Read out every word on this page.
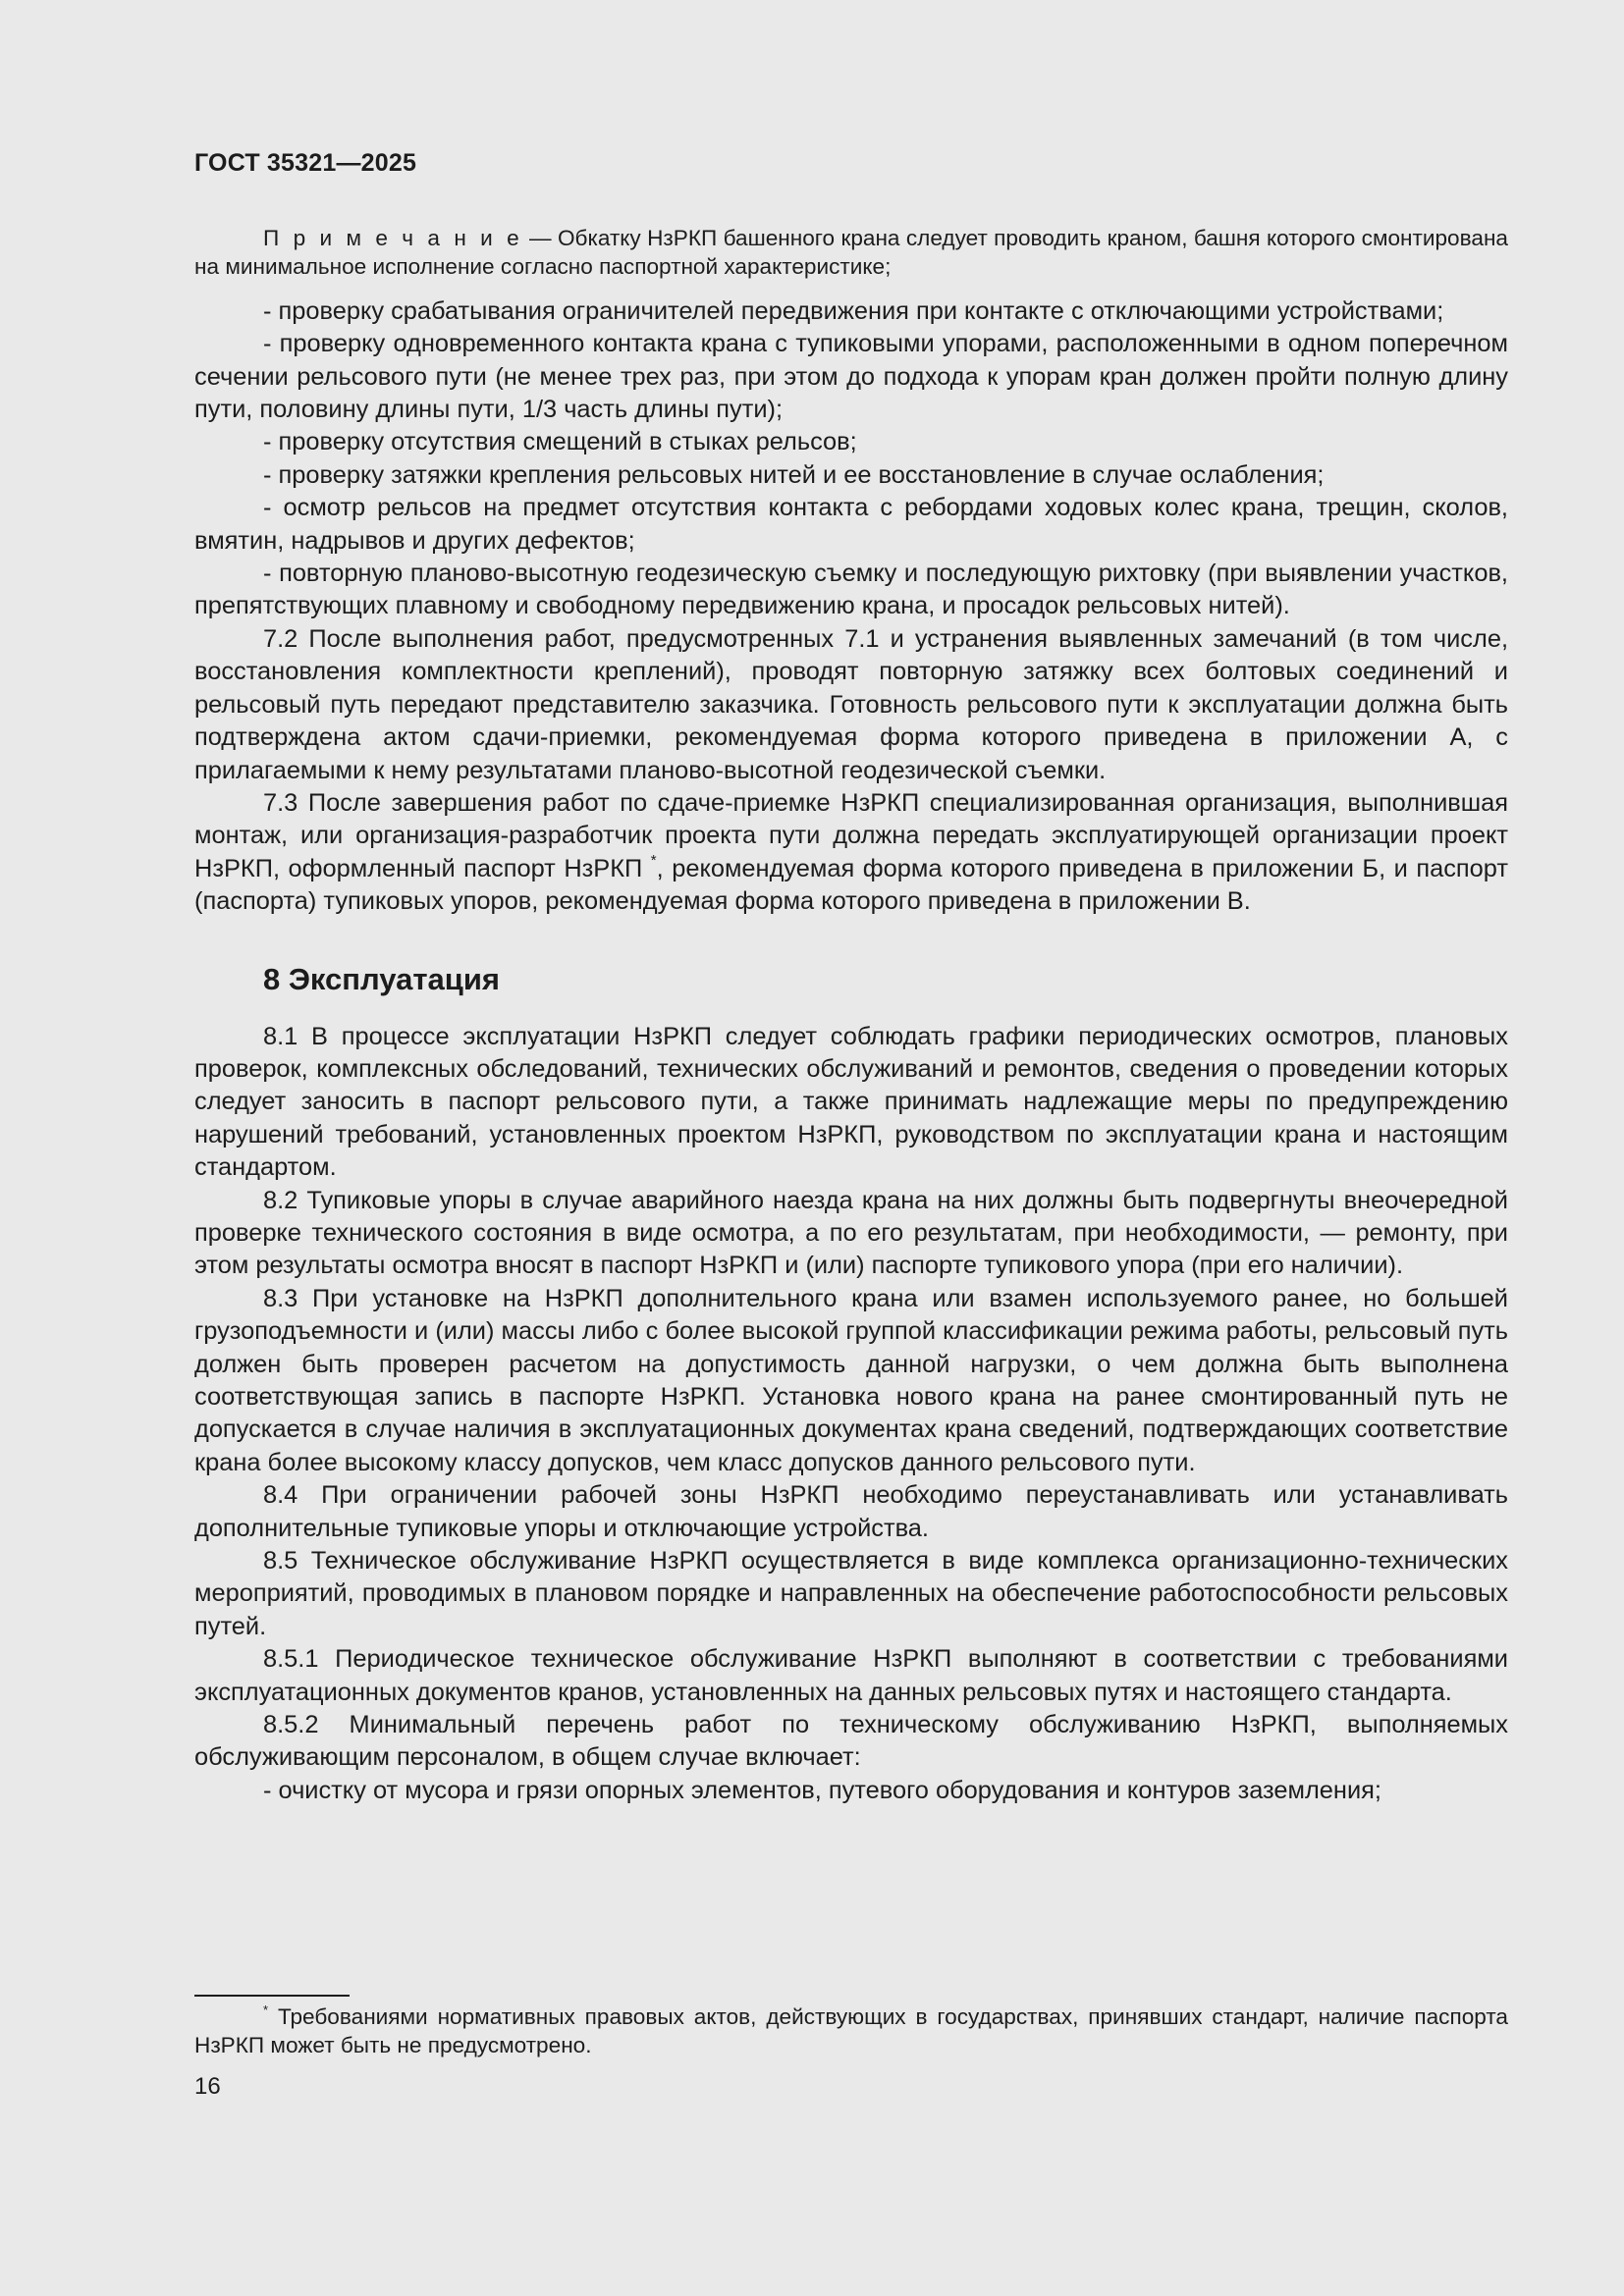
ГОСТ 35321—2025

П р и м е ч а н и е — Обкатку НзРКП башенного крана следует проводить краном, башня которого смонтирована на минимальное исполнение согласно паспортной характеристике;

- проверку срабатывания ограничителей передвижения при контакте с отключающими устройствами;

- проверку одновременного контакта крана с тупиковыми упорами, расположенными в одном поперечном сечении рельсового пути (не менее трех раз, при этом до подхода к упорам кран должен пройти полную длину пути, половину длины пути, 1/3 часть длины пути);

- проверку отсутствия смещений в стыках рельсов;

- проверку затяжки крепления рельсовых нитей и ее восстановление в случае ослабления;

- осмотр рельсов на предмет отсутствия контакта с ребордами ходовых колес крана, трещин, сколов, вмятин, надрывов и других дефектов;

- повторную планово-высотную геодезическую съемку и последующую рихтовку (при выявлении участков, препятствующих плавному и свободному передвижению крана, и просадок рельсовых нитей).

7.2 После выполнения работ, предусмотренных 7.1 и устранения выявленных замечаний (в том числе, восстановления комплектности креплений), проводят повторную затяжку всех болтовых соединений и рельсовый путь передают представителю заказчика. Готовность рельсового пути к эксплуатации должна быть подтверждена актом сдачи-приемки, рекомендуемая форма которого приведена в приложении А, с прилагаемыми к нему результатами планово-высотной геодезической съемки.

7.3 После завершения работ по сдаче-приемке НзРКП специализированная организация, выполнившая монтаж, или организация-разработчик проекта пути должна передать эксплуатирующей организации проект НзРКП, оформленный паспорт НзРКП *, рекомендуемая форма которого приведена в приложении Б, и паспорт (паспорта) тупиковых упоров, рекомендуемая форма которого приведена в приложении В.

8 Эксплуатация

8.1 В процессе эксплуатации НзРКП следует соблюдать графики периодических осмотров, плановых проверок, комплексных обследований, технических обслуживаний и ремонтов, сведения о проведении которых следует заносить в паспорт рельсового пути, а также принимать надлежащие меры по предупреждению нарушений требований, установленных проектом НзРКП, руководством по эксплуатации крана и настоящим стандартом.

8.2 Тупиковые упоры в случае аварийного наезда крана на них должны быть подвергнуты внеочередной проверке технического состояния в виде осмотра, а по его результатам, при необходимости, — ремонту, при этом результаты осмотра вносят в паспорт НзРКП и (или) паспорте тупикового упора (при его наличии).

8.3 При установке на НзРКП дополнительного крана или взамен используемого ранее, но большей грузоподъемности и (или) массы либо с более высокой группой классификации режима работы, рельсовый путь должен быть проверен расчетом на допустимость данной нагрузки, о чем должна быть выполнена соответствующая запись в паспорте НзРКП. Установка нового крана на ранее смонтированный путь не допускается в случае наличия в эксплуатационных документах крана сведений, подтверждающих соответствие крана более высокому классу допусков, чем класс допусков данного рельсового пути.

8.4 При ограничении рабочей зоны НзРКП необходимо переустанавливать или устанавливать дополнительные тупиковые упоры и отключающие устройства.

8.5 Техническое обслуживание НзРКП осуществляется в виде комплекса организационно-технических мероприятий, проводимых в плановом порядке и направленных на обеспечение работоспособности рельсовых путей.

8.5.1 Периодическое техническое обслуживание НзРКП выполняют в соответствии с требованиями эксплуатационных документов кранов, установленных на данных рельсовых путях и настоящего стандарта.

8.5.2 Минимальный перечень работ по техническому обслуживанию НзРКП, выполняемых обслуживающим персоналом, в общем случае включает:

- очистку от мусора и грязи опорных элементов, путевого оборудования и контуров заземления;

* Требованиями нормативных правовых актов, действующих в государствах, принявших стандарт, наличие паспорта НзРКП может быть не предусмотрено.

16
